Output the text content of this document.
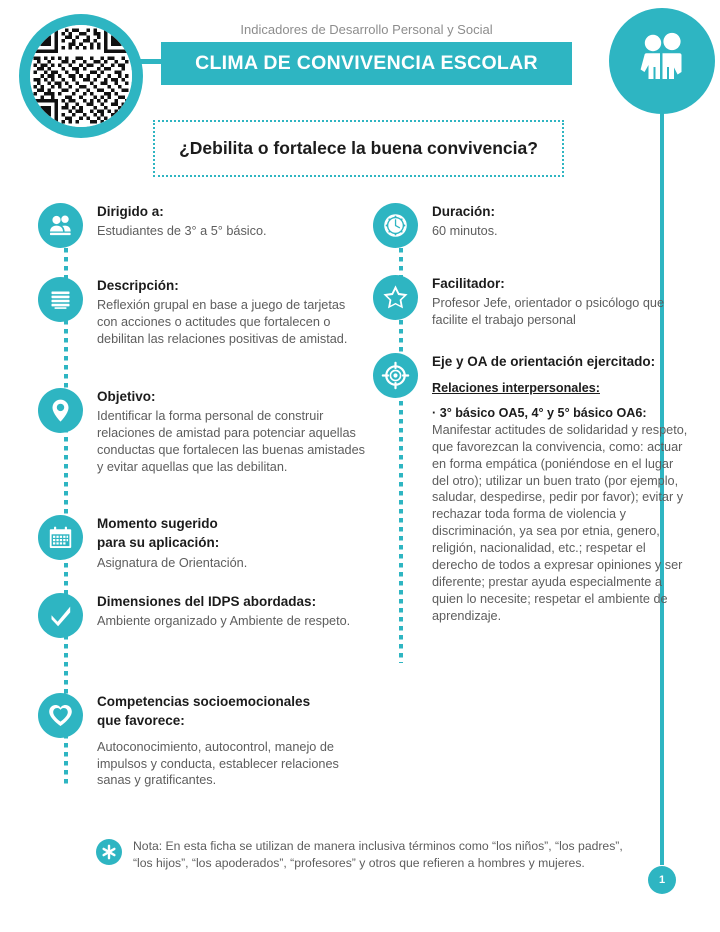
Indicadores de Desarrollo Personal y Social
CLIMA DE CONVIVENCIA ESCOLAR
1
¿Debilita o fortalece la buena convivencia?
Dirigido a:
Estudiantes de 3° a 5° básico.
Descripción:
Reflexión grupal en base a juego de tarjetas con acciones o actitudes que fortalecen o debilitan las relaciones positivas de amistad.
Objetivo:
Identificar la forma personal de construir relaciones de amistad para potenciar aquellas conductas que fortalecen las buenas amistades y evitar aquellas que las debilitan.
Momento sugerido
para su aplicación:
Asignatura de Orientación.
Dimensiones del IDPS abordadas:
Ambiente organizado y Ambiente de respeto.
Competencias socioemocionales
que favorece:
Autoconocimiento, autocontrol, manejo de impulsos y conducta, establecer relaciones sanas y gratificantes.
Duración:
60 minutos.
Facilitador:
Profesor Jefe, orientador o psicólogo que facilite el trabajo personal
Eje y OA de orientación ejercitado:
Relaciones interpersonales:
· 3° básico OA5, 4° y 5° básico OA6:
Manifestar actitudes de solidaridad y respeto, que favorezcan la convivencia, como: actuar en forma empática (poniéndose en el lugar del otro); utilizar un buen trato (por ejemplo, saludar, despedirse, pedir por favor); evitar y rechazar toda forma de violencia y discriminación, ya sea por etnia, genero, religión, nacionalidad, etc.; respetar el derecho de todos a expresar opiniones y ser diferente; prestar ayuda especialmente a quien lo necesite; respetar el ambiente de aprendizaje.
Nota: En esta ficha se utilizan de manera inclusiva términos como “los niños”, “los padres”,
“los hijos”, “los apoderados”, “profesores” y otros que refieren a hombres y mujeres.
